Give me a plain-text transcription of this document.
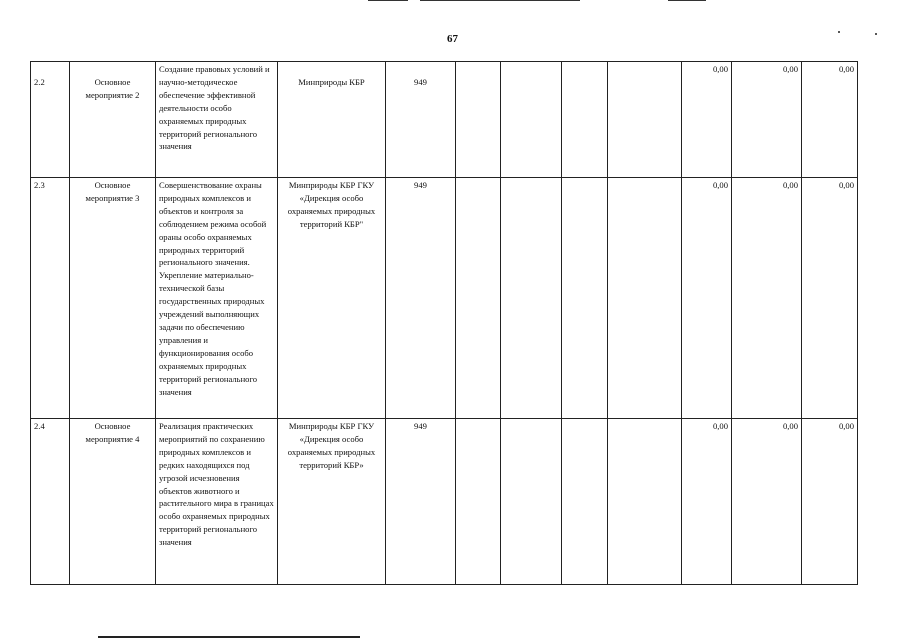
67
2.2	Основное мероприятие 2	Создание правовых условий и научно-методическое обеспечение эффективной деятельности особо охраняемых природных территорий регионального значения	Минприроды КБР	949					0,00	0,00	0,00
2.3	Основное мероприятие 3	Совершенствование охраны природных комплексов и объектов и контроля за соблюдением режима особой ораны особо охраняемых природных территорий регионального значения. Укрепление материально-технической базы государственных природных учреждений выполняющих задачи по обеспечению управления и функционирования особо охраняемых природных территорий регионального значения	Минприроды КБР ГКУ «Дирекция особо охраняемых природных территорий КБР"	949					0,00	0,00	0,00
2.4	Основное мероприятие 4	Реализация практических мероприятий по сохранению природных комплексов и редких находящихся под угрозой исчезновения объектов животного и растительного мира в границах особо охраняемых природных территорий регионального значения	Минприроды КБР ГКУ «Дирекция особо охраняемых природных территорий КБР»	949					0,00	0,00	0,00
